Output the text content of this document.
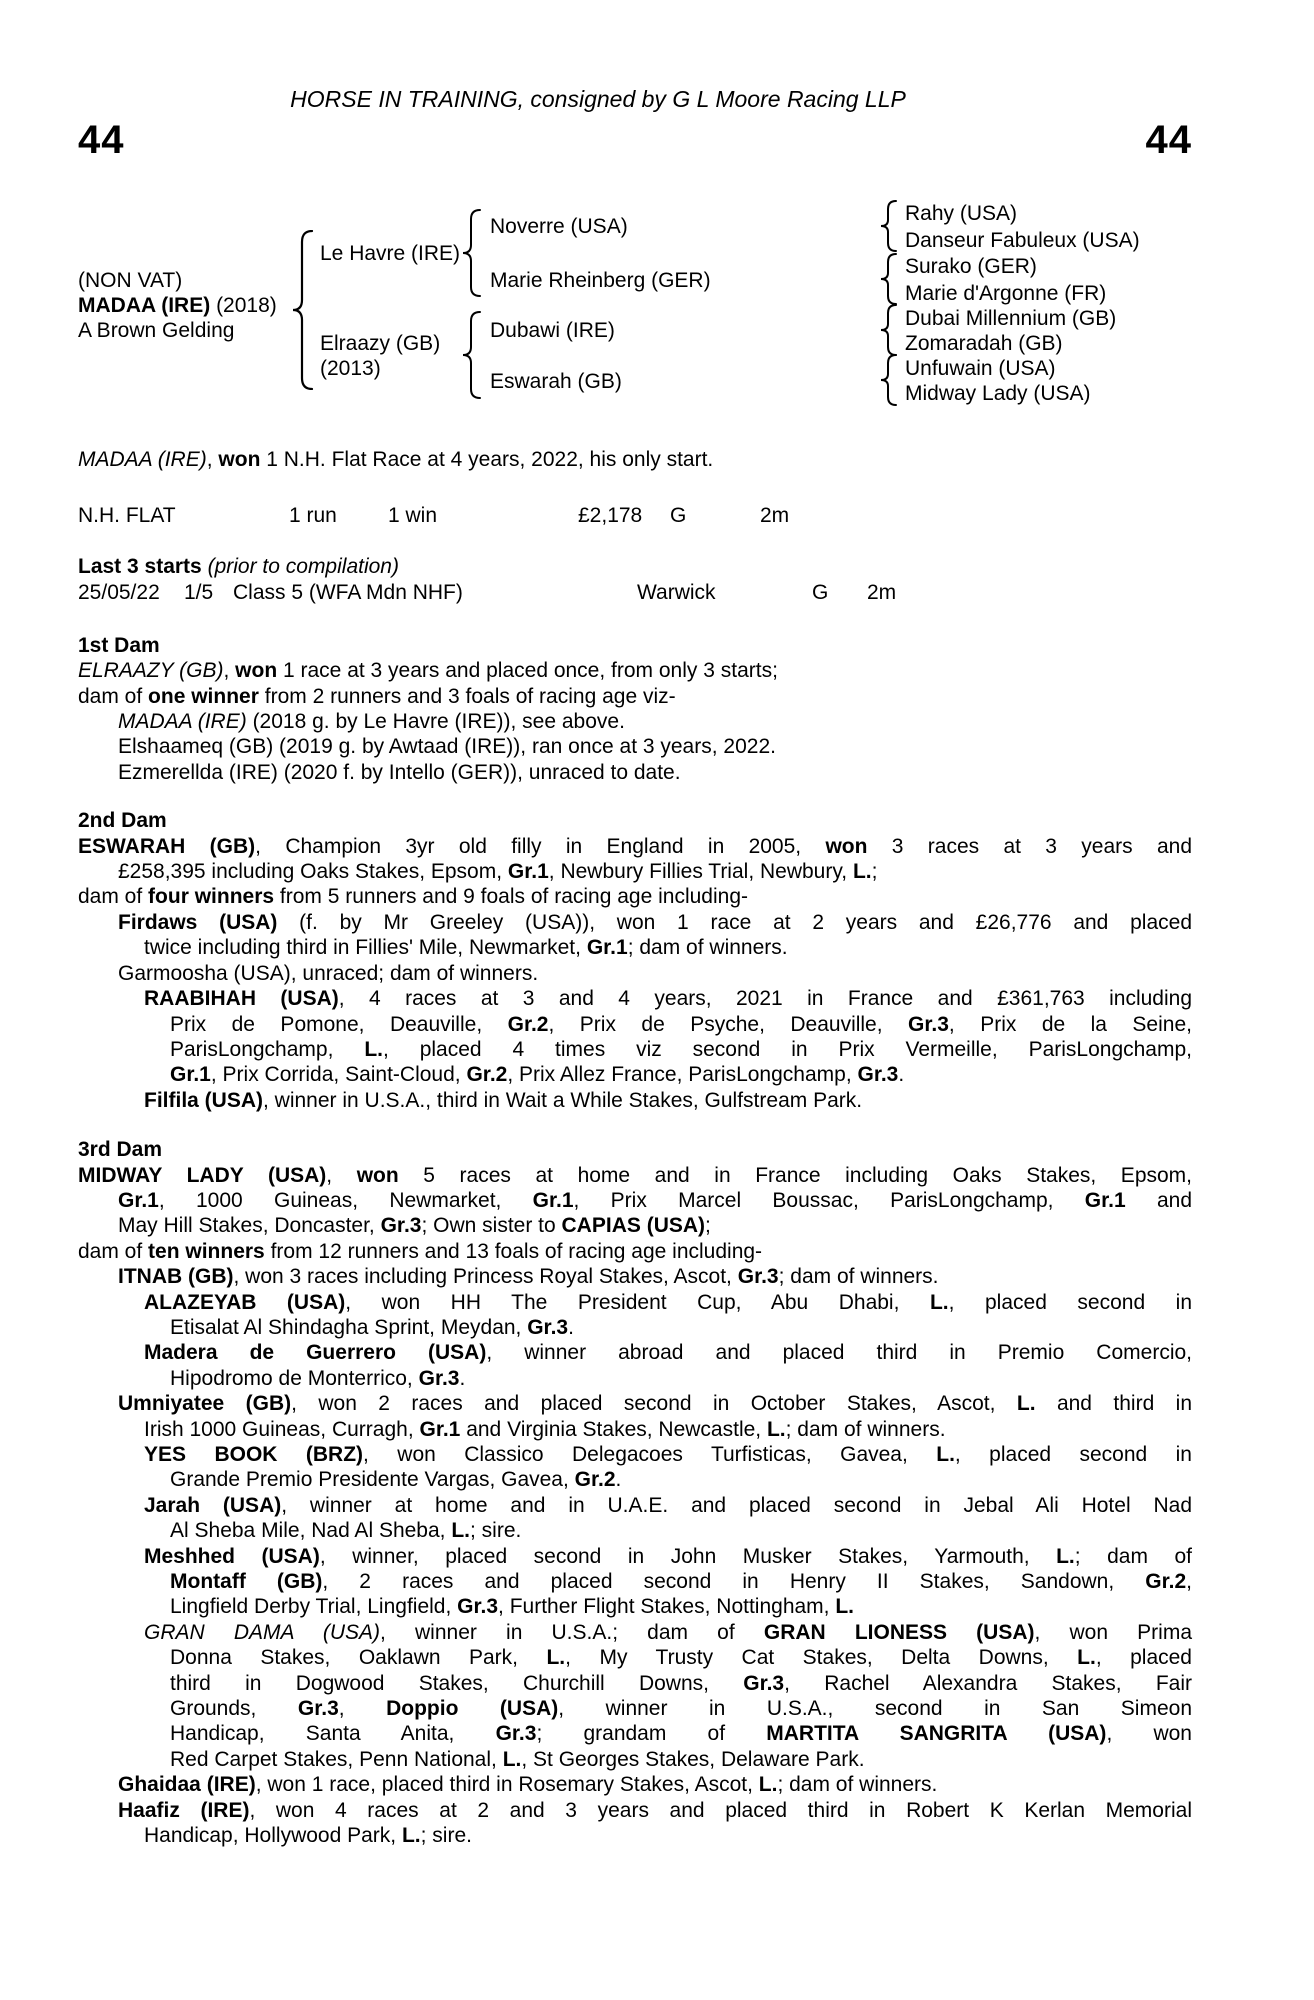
HORSE IN TRAINING, consigned by G L Moore Racing LLP
44	44
(NON VAT)
MADAA (IRE) (2018)
A Brown Gelding
Le Havre (IRE)
Elraazy (GB)
(2013)
Noverre (USA)
Marie Rheinberg (GER)
Dubawi (IRE)
Eswarah (GB)
Rahy (USA)
Danseur Fabuleux (USA)
Surako (GER)
Marie d'Argonne (FR)
Dubai Millennium (GB)
Zomaradah (GB)
Unfuwain (USA)
Midway Lady (USA)
MADAA (IRE), won 1 N.H. Flat Race at 4 years, 2022, his only start.
N.H. FLAT	1 run 1 win	£2,178 G	2m
Last 3 starts (prior to compilation)
25/05/22 1/5 Class 5 (WFA Mdn NHF)	Warwick	G 2m
1st Dam
ELRAAZY (GB), won 1 race at 3 years and placed once, from only 3 starts;
dam of one winner from 2 runners and 3 foals of racing age viz-
MADAA (IRE) (2018 g. by Le Havre (IRE)), see above.
Elshaameq (GB) (2019 g. by Awtaad (IRE)), ran once at 3 years, 2022.
Ezmerellda (IRE) (2020 f. by Intello (GER)), unraced to date.
2nd Dam
ESWARAH (GB), Champion 3yr old filly in England in 2005, won 3 races at 3 years and
£258,395 including Oaks Stakes, Epsom, Gr.1, Newbury Fillies Trial, Newbury, L.;
dam of four winners from 5 runners and 9 foals of racing age including-
Firdaws (USA) (f. by Mr Greeley (USA)), won 1 race at 2 years and £26,776 and placed
twice including third in Fillies' Mile, Newmarket, Gr.1; dam of winners.
Garmoosha (USA), unraced; dam of winners.
RAABIHAH (USA), 4 races at 3 and 4 years, 2021 in France and £361,763 including
Prix de Pomone, Deauville, Gr.2, Prix de Psyche, Deauville, Gr.3, Prix de la Seine,
ParisLongchamp, L., placed 4 times viz second in Prix Vermeille, ParisLongchamp,
Gr.1, Prix Corrida, Saint-Cloud, Gr.2, Prix Allez France, ParisLongchamp, Gr.3.
Filfila (USA), winner in U.S.A., third in Wait a While Stakes, Gulfstream Park.
3rd Dam
MIDWAY LADY (USA), won 5 races at home and in France including Oaks Stakes, Epsom,
Gr.1, 1000 Guineas, Newmarket, Gr.1, Prix Marcel Boussac, ParisLongchamp, Gr.1 and
May Hill Stakes, Doncaster, Gr.3; Own sister to CAPIAS (USA);
dam of ten winners from 12 runners and 13 foals of racing age including-
ITNAB (GB), won 3 races including Princess Royal Stakes, Ascot, Gr.3; dam of winners.
ALAZEYAB (USA), won HH The President Cup, Abu Dhabi, L., placed second in
Etisalat Al Shindagha Sprint, Meydan, Gr.3.
Madera de Guerrero (USA), winner abroad and placed third in Premio Comercio,
Hipodromo de Monterrico, Gr.3.
Umniyatee (GB), won 2 races and placed second in October Stakes, Ascot, L. and third in
Irish 1000 Guineas, Curragh, Gr.1 and Virginia Stakes, Newcastle, L.; dam of winners.
YES BOOK (BRZ), won Classico Delegacoes Turfisticas, Gavea, L., placed second in
Grande Premio Presidente Vargas, Gavea, Gr.2.
Jarah (USA), winner at home and in U.A.E. and placed second in Jebal Ali Hotel Nad
Al Sheba Mile, Nad Al Sheba, L.; sire.
Meshhed (USA), winner, placed second in John Musker Stakes, Yarmouth, L.; dam of
Montaff (GB), 2 races and placed second in Henry II Stakes, Sandown, Gr.2,
Lingfield Derby Trial, Lingfield, Gr.3, Further Flight Stakes, Nottingham, L.
GRAN DAMA (USA), winner in U.S.A.; dam of GRAN LIONESS (USA), won Prima
Donna Stakes, Oaklawn Park, L., My Trusty Cat Stakes, Delta Downs, L., placed
third in Dogwood Stakes, Churchill Downs, Gr.3, Rachel Alexandra Stakes, Fair
Grounds, Gr.3, Doppio (USA), winner in U.S.A., second in San Simeon
Handicap, Santa Anita, Gr.3; grandam of MARTITA SANGRITA (USA), won
Red Carpet Stakes, Penn National, L., St Georges Stakes, Delaware Park.
Ghaidaa (IRE), won 1 race, placed third in Rosemary Stakes, Ascot, L.; dam of winners.
Haafiz (IRE), won 4 races at 2 and 3 years and placed third in Robert K Kerlan Memorial
Handicap, Hollywood Park, L.; sire.
